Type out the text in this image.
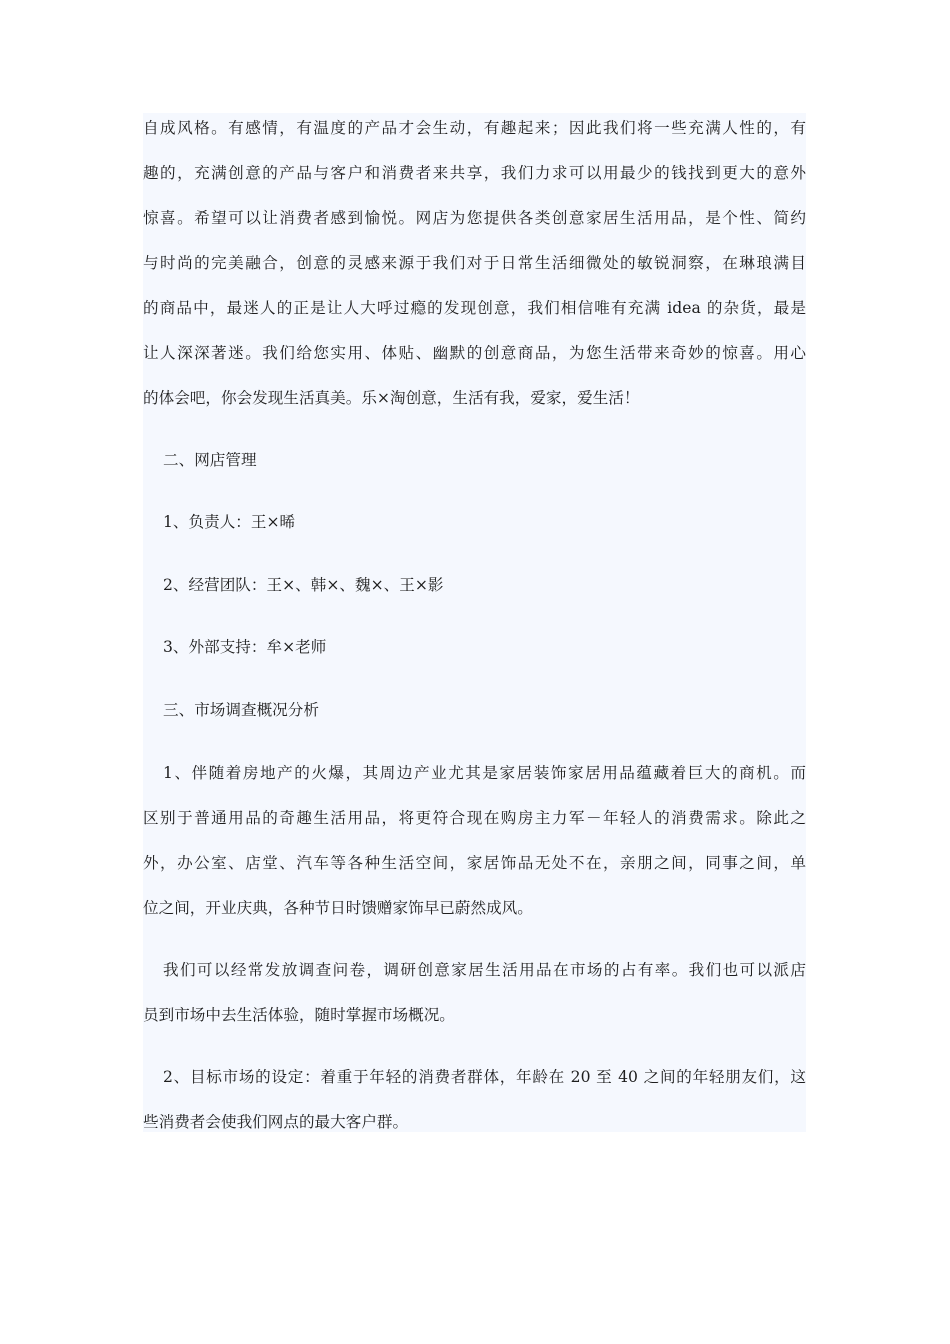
自成风格。有感情，有温度的产品才会生动，有趣起来；因此我们将一些充满人性的，有
趣的，充满创意的产品与客户和消费者来共享，我们力求可以用最少的钱找到更大的意外
惊喜。希望可以让消费者感到愉悦。网店为您提供各类创意家居生活用品，是个性、简约
与时尚的完美融合，创意的灵感来源于我们对于日常生活细微处的敏锐洞察，在琳琅满目
的商品中，最迷人的正是让人大呼过瘾的发现创意，我们相信唯有充满 idea 的杂货，最是
让人深深著迷。我们给您实用、体贴、幽默的创意商品，为您生活带来奇妙的惊喜。用心
的体会吧，你会发现生活真美。乐×淘创意，生活有我，爱家，爱生活！
二、网店管理
1、负责人：王×晞
2、经营团队：王×、韩×、魏×、王×影
3、外部支持：牟×老师
三、市场调查概况分析
1、伴随着房地产的火爆，其周边产业尤其是家居装饰家居用品蕴藏着巨大的商机。而
区别于普通用品的奇趣生活用品，将更符合现在购房主力军－年轻人的消费需求。除此之
外，办公室、店堂、汽车等各种生活空间，家居饰品无处不在，亲朋之间，同事之间，单
位之间，开业庆典，各种节日时馈赠家饰早已蔚然成风。
我们可以经常发放调查问卷，调研创意家居生活用品在市场的占有率。我们也可以派店
员到市场中去生活体验，随时掌握市场概况。
2、目标市场的设定：着重于年轻的消费者群体，年龄在 20 至 40 之间的年轻朋友们，这
些消费者会使我们网点的最大客户群。
